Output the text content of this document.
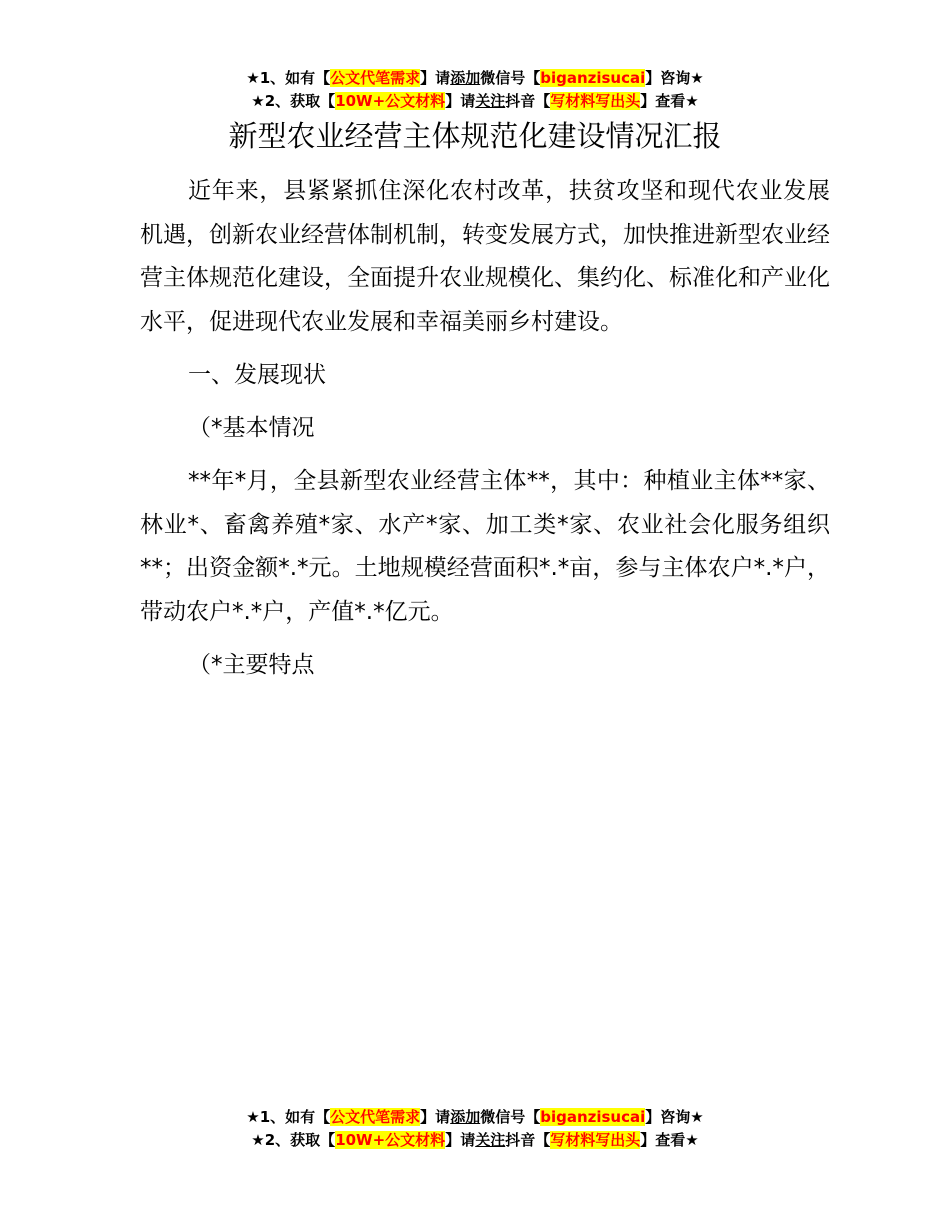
★1、如有【公文代笔需求】请添加微信号【biganzisucai】咨询★
★2、获取【10W+公文材料】请关注抖音【写材料写出头】查看★
新型农业经营主体规范化建设情况汇报

近年来，县紧紧抓住深化农村改革，扶贫攻坚和现代农业发展机遇，创新农业经营体制机制，转变发展方式，加快推进新型农业经营主体规范化建设，全面提升农业规模化、集约化、标准化和产业化水平，促进现代农业发展和幸福美丽乡村建设。

一、发展现状

（*基本情况

**年*月，全县新型农业经营主体**，其中：种植业主体**家、林业*、畜禽养殖*家、水产*家、加工类*家、农业社会化服务组织**；出资金额*.*元。土地规模经营面积*.*亩，参与主体农户*.*户，带动农户*.*户，产值*.*亿元。

（*主要特点

★1、如有【公文代笔需求】请添加微信号【biganzisucai】咨询★
★2、获取【10W+公文材料】请关注抖音【写材料写出头】查看★
